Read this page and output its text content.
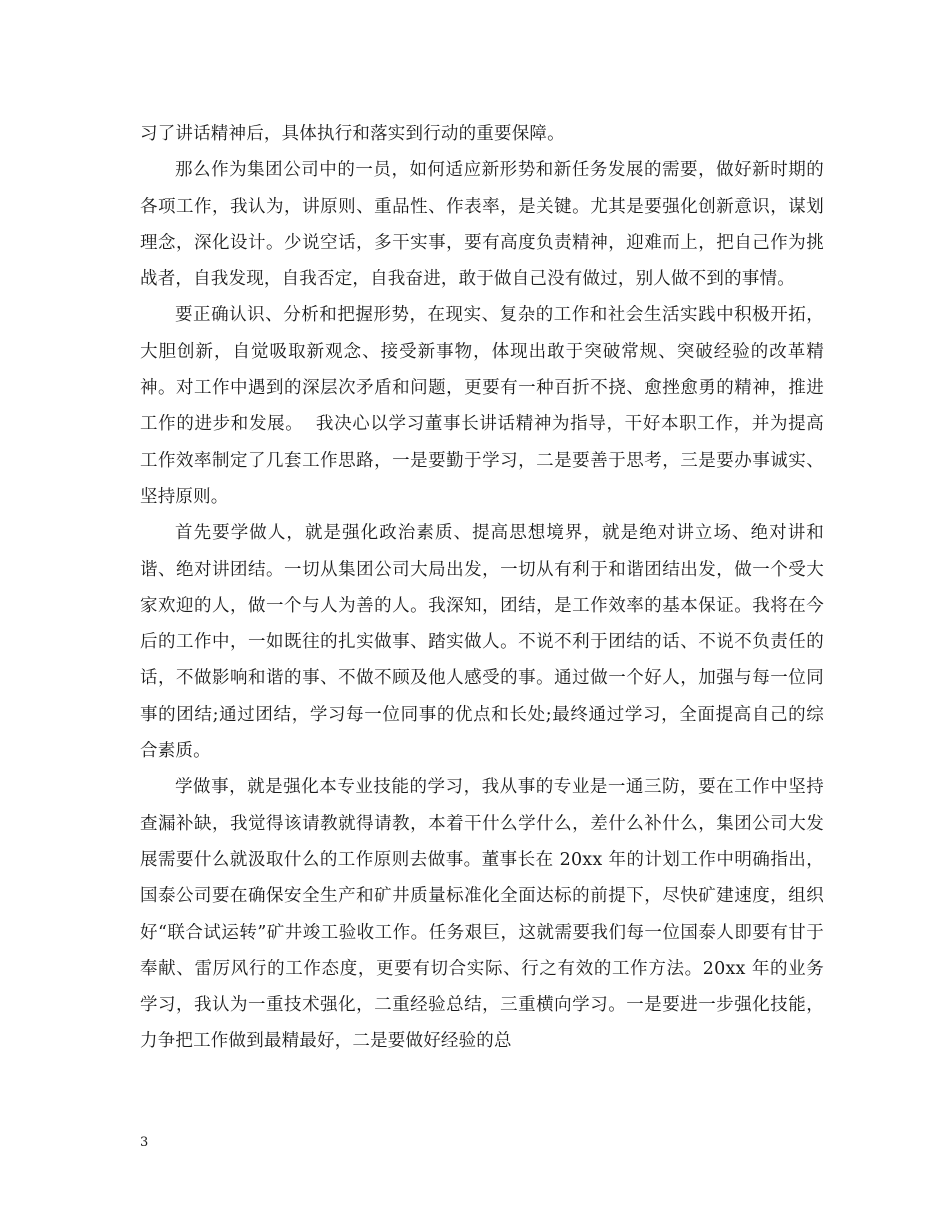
习了讲话精神后，具体执行和落实到行动的重要保障。

那么作为集团公司中的一员，如何适应新形势和新任务发展的需要，做好新时期的各项工作，我认为，讲原则、重品性、作表率，是关键。尤其是要强化创新意识，谋划理念，深化设计。少说空话，多干实事，要有高度负责精神，迎难而上，把自己作为挑战者，自我发现，自我否定，自我奋进，敢于做自己没有做过，别人做不到的事情。

要正确认识、分析和把握形势，在现实、复杂的工作和社会生活实践中积极开拓，大胆创新，自觉吸取新观念、接受新事物，体现出敢于突破常规、突破经验的改革精神。对工作中遇到的深层次矛盾和问题，更要有一种百折不挠、愈挫愈勇的精神，推进工作的进步和发展。  我决心以学习董事长讲话精神为指导，干好本职工作，并为提高工作效率制定了几套工作思路，一是要勤于学习，二是要善于思考，三是要办事诚实、坚持原则。

首先要学做人，就是强化政治素质、提高思想境界，就是绝对讲立场、绝对讲和谐、绝对讲团结。一切从集团公司大局出发，一切从有利于和谐团结出发，做一个受大家欢迎的人，做一个与人为善的人。我深知，团结，是工作效率的基本保证。我将在今后的工作中，一如既往的扎实做事、踏实做人。不说不利于团结的话、不说不负责任的话，不做影响和谐的事、不做不顾及他人感受的事。通过做一个好人，加强与每一位同事的团结;通过团结，学习每一位同事的优点和长处;最终通过学习，全面提高自己的综合素质。

学做事，就是强化本专业技能的学习，我从事的专业是一通三防，要在工作中坚持查漏补缺，我觉得该请教就得请教，本着干什么学什么，差什么补什么，集团公司大发展需要什么就汲取什么的工作原则去做事。董事长在 20xx 年的计划工作中明确指出，国泰公司要在确保安全生产和矿井质量标准化全面达标的前提下，尽快矿建速度，组织好“联合试运转”矿井竣工验收工作。任务艰巨，这就需要我们每一位国泰人即要有甘于奉献、雷厉风行的工作态度，更要有切合实际、行之有效的工作方法。20xx 年的业务学习，我认为一重技术强化，二重经验总结，三重横向学习。一是要进一步强化技能，力争把工作做到最精最好，二是要做好经验的总

3
